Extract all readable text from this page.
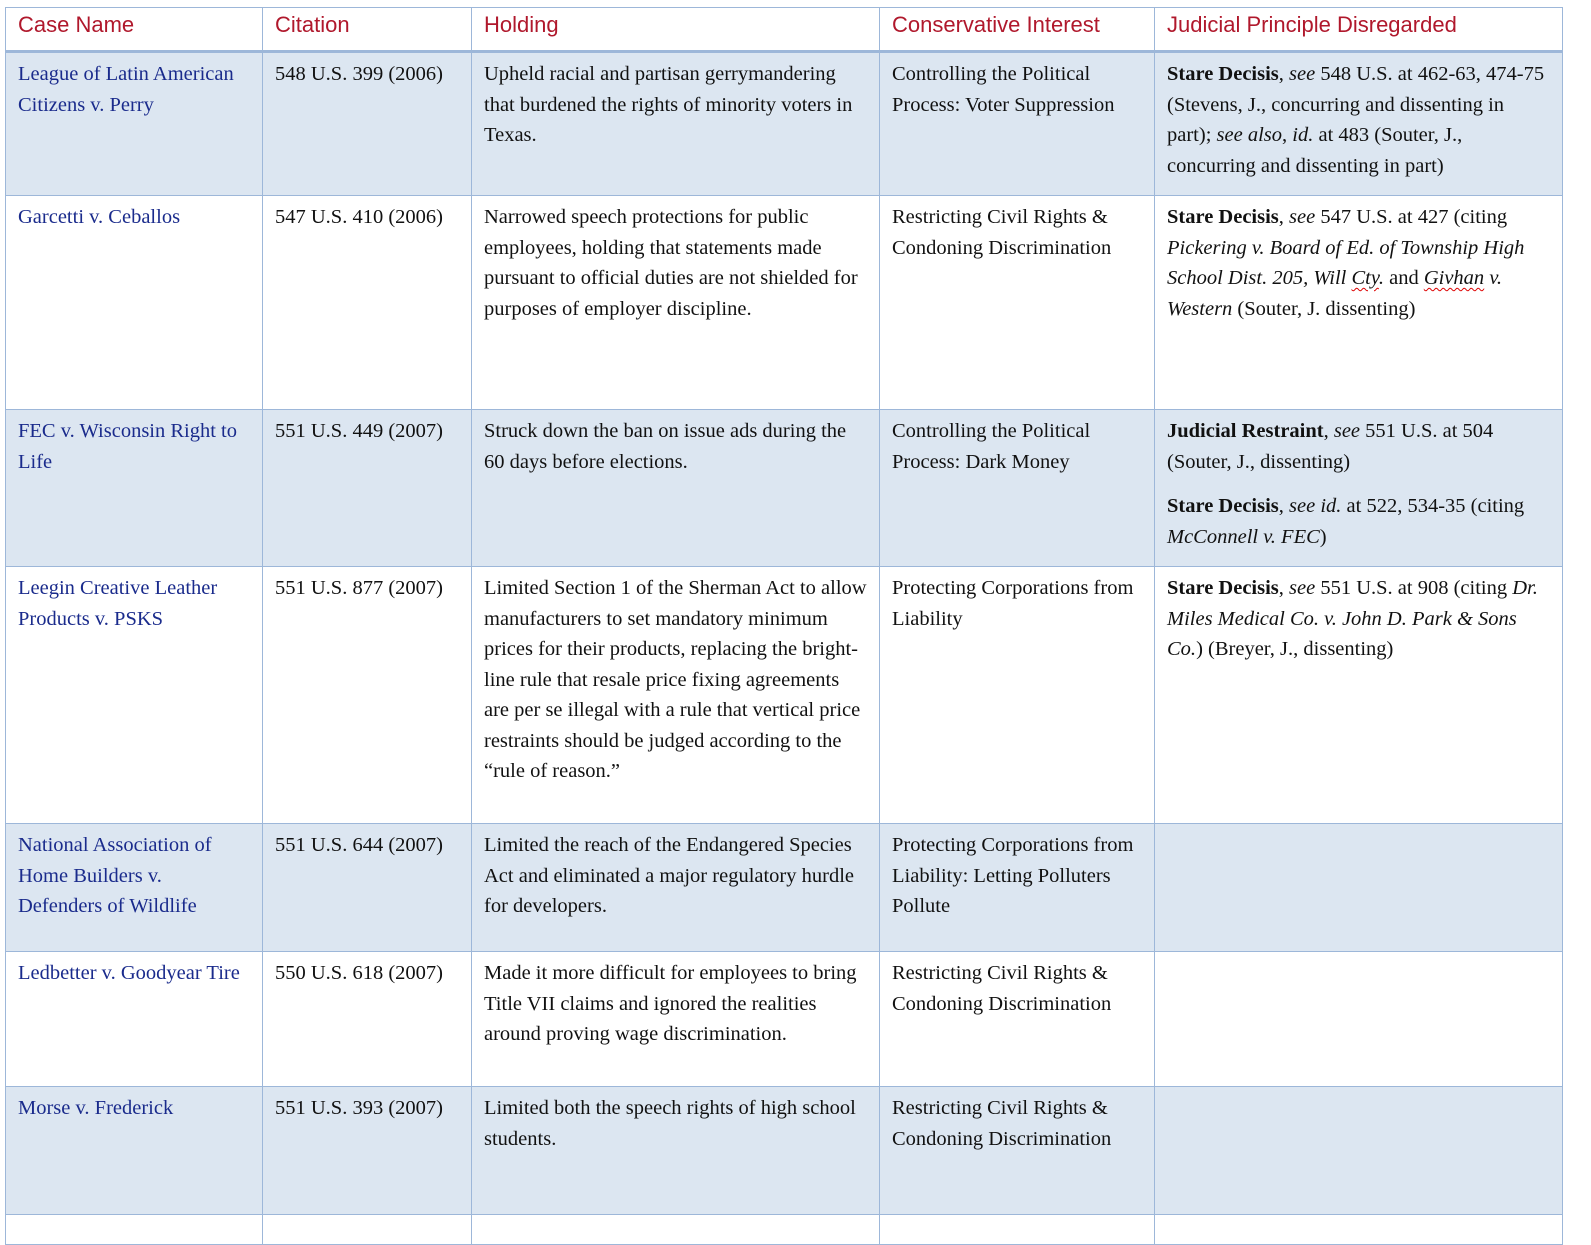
Case Name	Citation	Holding	Conservative Interest	Judicial Principle Disregarded
League of Latin American Citizens v. Perry	548 U.S. 399 (2006)	Upheld racial and partisan gerrymandering that burdened the rights of minority voters in Texas.	Controlling the Political Process: Voter Suppression	Stare Decisis, see 548 U.S. at 462-63, 474-75 (Stevens, J., concurring and dissenting in part); see also, id. at 483 (Souter, J., concurring and dissenting in part)

Garcetti v. Ceballos	547 U.S. 410 (2006)	Narrowed speech protections for public employees, holding that statements made pursuant to official duties are not shielded for purposes of employer discipline.	Restricting Civil Rights & Condoning Discrimination	Stare Decisis, see 547 U.S. at 427 (citing Pickering v. Board of Ed. of Township High School Dist. 205, Will Cty. and Givhan v. Western (Souter, J. dissenting)

FEC v. Wisconsin Right to Life	551 U.S. 449 (2007)	Struck down the ban on issue ads during the 60 days before elections.	Controlling the Political Process: Dark Money	Judicial Restraint, see 551 U.S. at 504 (Souter, J., dissenting)
Stare Decisis, see id. at 522, 534-35 (citing McConnell v. FEC)

Leegin Creative Leather Products v. PSKS	551 U.S. 877 (2007)	Limited Section 1 of the Sherman Act to allow manufacturers to set mandatory minimum prices for their products, replacing the bright-line rule that resale price fixing agreements are per se illegal with a rule that vertical price restraints should be judged according to the “rule of reason.”	Protecting Corporations from Liability	Stare Decisis, see 551 U.S. at 908 (citing Dr. Miles Medical Co. v. John D. Park & Sons Co.) (Breyer, J., dissenting)

National Association of Home Builders v. Defenders of Wildlife	551 U.S. 644 (2007)	Limited the reach of the Endangered Species Act and eliminated a major regulatory hurdle for developers.	Protecting Corporations from Liability: Letting Polluters Pollute	
Ledbetter v. Goodyear Tire	550 U.S. 618 (2007)	Made it more difficult for employees to bring Title VII claims and ignored the realities around proving wage discrimination.	Restricting Civil Rights & Condoning Discrimination	
Morse v. Frederick	551 U.S. 393 (2007)	Limited both the speech rights of high school students.	Restricting Civil Rights & Condoning Discrimination	
